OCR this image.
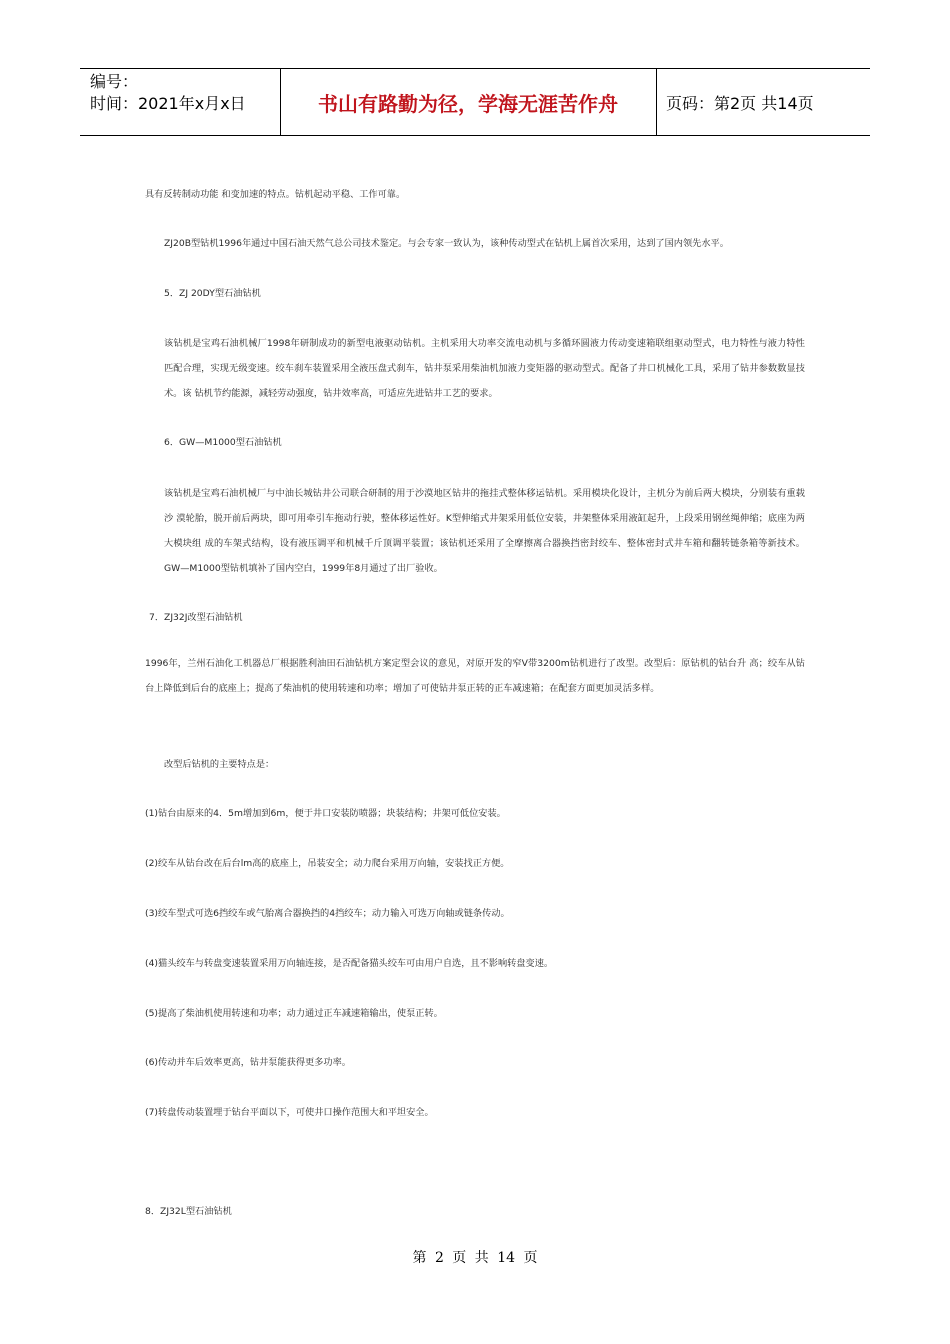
编号：
时间：2021年x月x日	书山有路勤为径，学海无涯苦作舟	页码：第2页 共14页
具有反转制动功能 和变加速的特点。钻机起动平稳、工作可靠。
ZJ20B型钻机1996年通过中国石油天然气总公司技术鉴定。与会专家一致认为，该种传动型式在钻机上属首次采用，达到了国内领先水平。
5．ZJ 20DY型石油钻机
该钻机是宝鸡石油机械厂1998年研制成功的新型电液驱动钻机。主机采用大功率交流电动机与多循环圆液力传动变速箱联组驱动型式，电力特性与液力特性 匹配合理，实现无级变速。绞车刹车装置采用全液压盘式刹车，钻井泵采用柴油机加液力变矩器的驱动型式。配备了井口机械化工具，采用了钻井参数数显技术。该 钻机节约能源，减轻劳动强度，钻井效率高，可适应先进钻井工艺的要求。
6．GW—M1000型石油钻机
该钻机是宝鸡石油机械厂与中油长城钻井公司联合研制的用于沙漠地区钻井的拖挂式整体移运钻机。采用模块化设计，主机分为前后两大模块，分别装有重载沙 漠轮胎，脱开前后两块，即可用牵引车拖动行驶，整体移运性好。K型伸缩式井架采用低位安装，井架整体采用液缸起升，上段采用钢丝绳伸缩；底座为两大模块组 成的车架式结构，设有液压调平和机械千斤顶调平装置；该钻机还采用了全摩擦离合器换挡密封绞车、整体密封式井车箱和翻转链条箱等新技术。GW—M1000型钻机填补了国内空白，1999年8月通过了出厂验收。
7．ZJ32J改型石油钻机
1996年，兰州石油化工机器总厂根据胜利油田石油钻机方案定型会议的意见，对原开发的窄V带3200m钻机进行了改型。改型后：原钻机的钻台升 高；绞车从钻台上降低到后台的底座上；提高了柴油机的使用转速和功率；增加了可使钻井泵正转的正车减速箱；在配套方面更加灵活多样。
改型后钻机的主要特点是：
(1)钻台由原来的4．5m增加到6m，便于井口安装防喷器；块装结构；井架可低位安装。
(2)绞车从钻台改在后台lm高的底座上，吊装安全；动力爬台采用万向轴，安装找正方便。
(3)绞车型式可选6挡绞车或气胎离合器换挡的4挡绞车；动力输入可选万向轴或链条传动。
(4)猫头绞车与转盘变速装置采用万向轴连接，是否配备猫头绞车可由用户自选，且不影响转盘变速。
(5)提高了柴油机使用转速和功率；动力通过正车减速箱输出，使泵正转。
(6)传动并车后效率更高，钻井泵能获得更多功率。
(7)转盘传动装置埋于钻台平面以下，可使井口操作范围大和平坦安全。
8．ZJ32L型石油钻机
第 2 页 共 14 页
